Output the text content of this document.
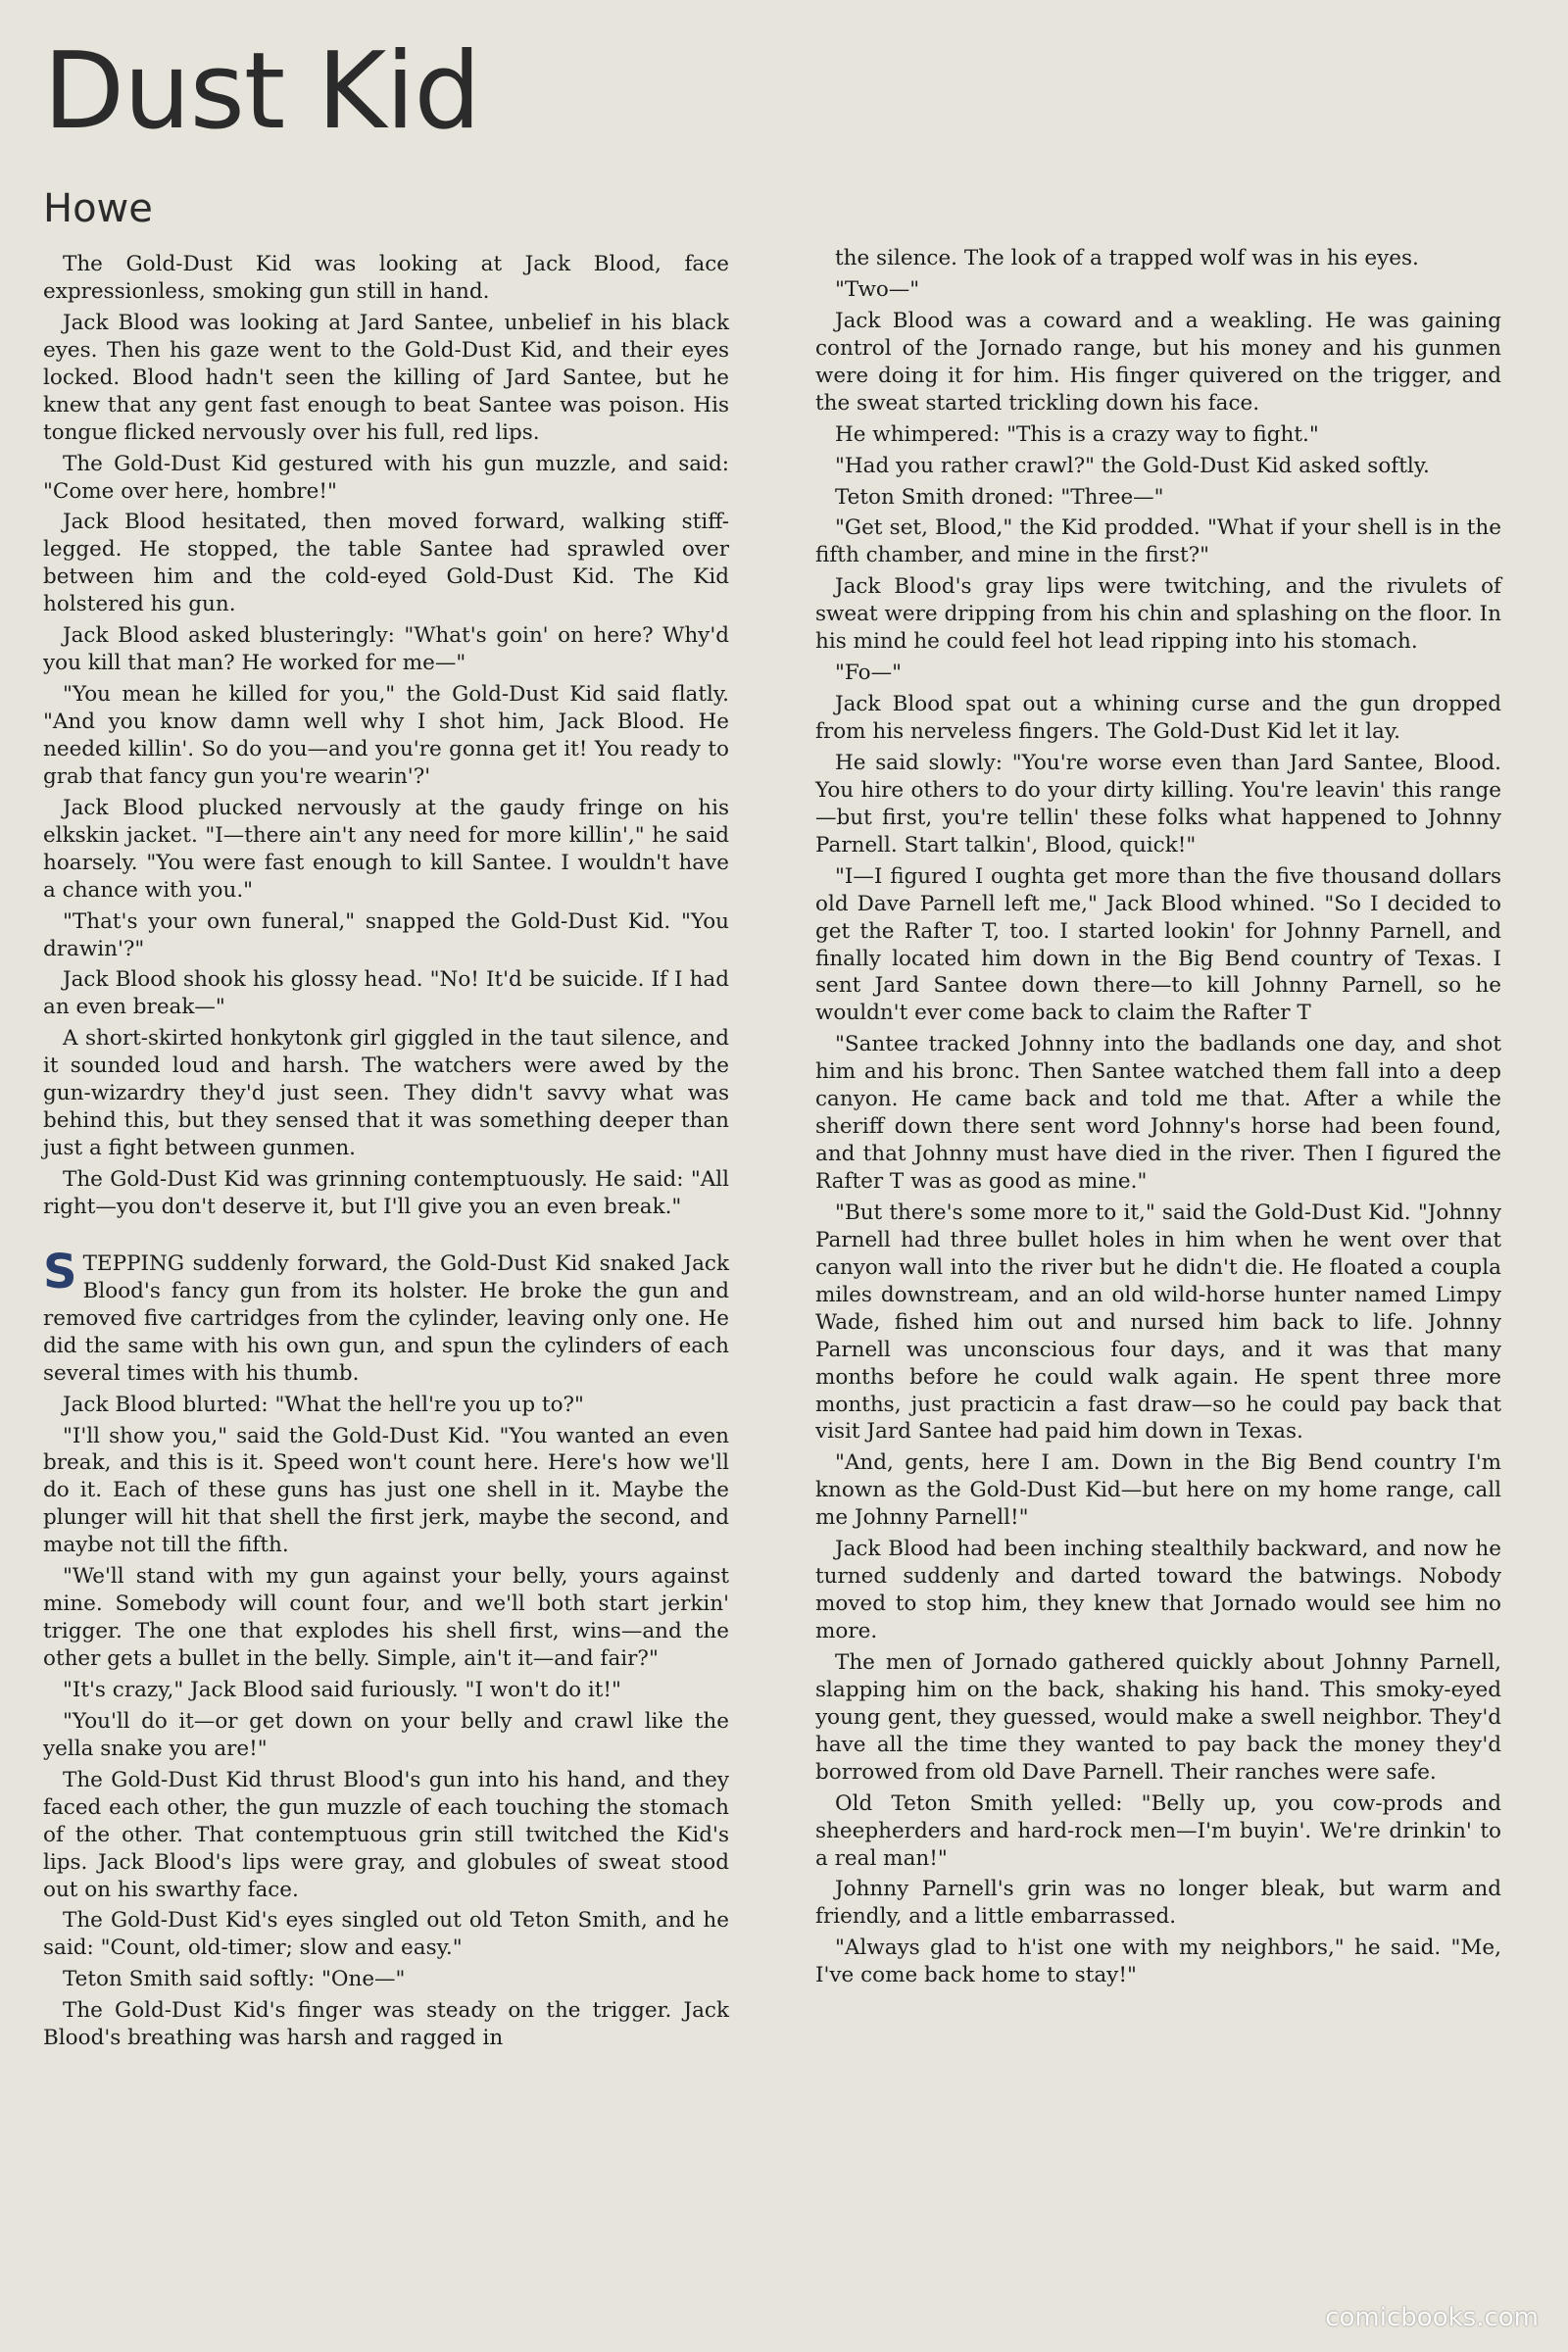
Dust Kid
Howe

The Gold-Dust Kid was looking at Jack Blood, face expressionless, smoking gun still in hand.

Jack Blood was looking at Jard Santee, unbelief in his black eyes. Then his gaze went to the Gold-Dust Kid, and their eyes locked. Blood hadn't seen the killing of Jard Santee, but he knew that any gent fast enough to beat Santee was poison. His tongue flicked nervously over his full, red lips.

The Gold-Dust Kid gestured with his gun muzzle, and said: "Come over here, hombre!"

Jack Blood hesitated, then moved forward, walking stiff-legged. He stopped, the table Santee had sprawled over between him and the cold-eyed Gold-Dust Kid. The Kid holstered his gun.

Jack Blood asked blusteringly: "What's goin' on here? Why'd you kill that man? He worked for me—"

"You mean he killed for you," the Gold-Dust Kid said flatly. "And you know damn well why I shot him, Jack Blood. He needed killin'. So do you—and you're gonna get it! You ready to grab that fancy gun you're wearin'?'

Jack Blood plucked nervously at the gaudy fringe on his elkskin jacket. "I—there ain't any need for more killin'," he said hoarsely. "You were fast enough to kill Santee. I wouldn't have a chance with you."

"That's your own funeral," snapped the Gold-Dust Kid. "You drawin'?"

Jack Blood shook his glossy head. "No! It'd be suicide. If I had an even break—"

A short-skirted honkytonk girl giggled in the taut silence, and it sounded loud and harsh. The watchers were awed by the gun-wizardry they'd just seen. They didn't savvy what was behind this, but they sensed that it was something deeper than just a fight between gunmen.

The Gold-Dust Kid was grinning contemptuously. He said: "All right—you don't deserve it, but I'll give you an even break."

STEPPING suddenly forward, the Gold-Dust Kid snaked Jack Blood's fancy gun from its holster. He broke the gun and removed five cartridges from the cylinder, leaving only one. He did the same with his own gun, and spun the cylinders of each several times with his thumb.

Jack Blood blurted: "What the hell're you up to?"

"I'll show you," said the Gold-Dust Kid. "You wanted an even break, and this is it. Speed won't count here. Here's how we'll do it. Each of these guns has just one shell in it. Maybe the plunger will hit that shell the first jerk, maybe the second, and maybe not till the fifth.

"We'll stand with my gun against your belly, yours against mine. Somebody will count four, and we'll both start jerkin' trigger. The one that explodes his shell first, wins—and the other gets a bullet in the belly. Simple, ain't it—and fair?"

"It's crazy," Jack Blood said furiously. "I won't do it!"

"You'll do it—or get down on your belly and crawl like the yella snake you are!"

The Gold-Dust Kid thrust Blood's gun into his hand, and they faced each other, the gun muzzle of each touching the stomach of the other. That contemptuous grin still twitched the Kid's lips. Jack Blood's lips were gray, and globules of sweat stood out on his swarthy face.

The Gold-Dust Kid's eyes singled out old Teton Smith, and he said: "Count, old-timer; slow and easy."

Teton Smith said softly: "One—"

The Gold-Dust Kid's finger was steady on the trigger. Jack Blood's breathing was harsh and ragged in

the silence. The look of a trapped wolf was in his eyes.

"Two—"

Jack Blood was a coward and a weakling. He was gaining control of the Jornado range, but his money and his gunmen were doing it for him. His finger quivered on the trigger, and the sweat started trickling down his face.

He whimpered: "This is a crazy way to fight."

"Had you rather crawl?" the Gold-Dust Kid asked softly.

Teton Smith droned: "Three—"

"Get set, Blood," the Kid prodded. "What if your shell is in the fifth chamber, and mine in the first?"

Jack Blood's gray lips were twitching, and the rivulets of sweat were dripping from his chin and splashing on the floor. In his mind he could feel hot lead ripping into his stomach.

"Fo—"

Jack Blood spat out a whining curse and the gun dropped from his nerveless fingers. The Gold-Dust Kid let it lay.

He said slowly: "You're worse even than Jard Santee, Blood. You hire others to do your dirty killing. You're leavin' this range—but first, you're tellin' these folks what happened to Johnny Parnell. Start talkin', Blood, quick!"

"I—I figured I oughta get more than the five thousand dollars old Dave Parnell left me," Jack Blood whined. "So I decided to get the Rafter T, too. I started lookin' for Johnny Parnell, and finally located him down in the Big Bend country of Texas. I sent Jard Santee down there—to kill Johnny Parnell, so he wouldn't ever come back to claim the Rafter T

"Santee tracked Johnny into the badlands one day, and shot him and his bronc. Then Santee watched them fall into a deep canyon. He came back and told me that. After a while the sheriff down there sent word Johnny's horse had been found, and that Johnny must have died in the river. Then I figured the Rafter T was as good as mine."

"But there's some more to it," said the Gold-Dust Kid. "Johnny Parnell had three bullet holes in him when he went over that canyon wall into the river but he didn't die. He floated a coupla miles downstream, and an old wild-horse hunter named Limpy Wade, fished him out and nursed him back to life. Johnny Parnell was unconscious four days, and it was that many months before he could walk again. He spent three more months, just practicin a fast draw—so he could pay back that visit Jard Santee had paid him down in Texas.

"And, gents, here I am. Down in the Big Bend country I'm known as the Gold-Dust Kid—but here on my home range, call me Johnny Parnell!"

Jack Blood had been inching stealthily backward, and now he turned suddenly and darted toward the batwings. Nobody moved to stop him, they knew that Jornado would see him no more.

The men of Jornado gathered quickly about Johnny Parnell, slapping him on the back, shaking his hand. This smoky-eyed young gent, they guessed, would make a swell neighbor. They'd have all the time they wanted to pay back the money they'd borrowed from old Dave Parnell. Their ranches were safe.

Old Teton Smith yelled: "Belly up, you cow-prods and sheepherders and hard-rock men—I'm buyin'. We're drinkin' to a real man!"

Johnny Parnell's grin was no longer bleak, but warm and friendly, and a little embarrassed.

"Always glad to h'ist one with my neighbors," he said. "Me, I've come back home to stay!"

comicbooks.com
